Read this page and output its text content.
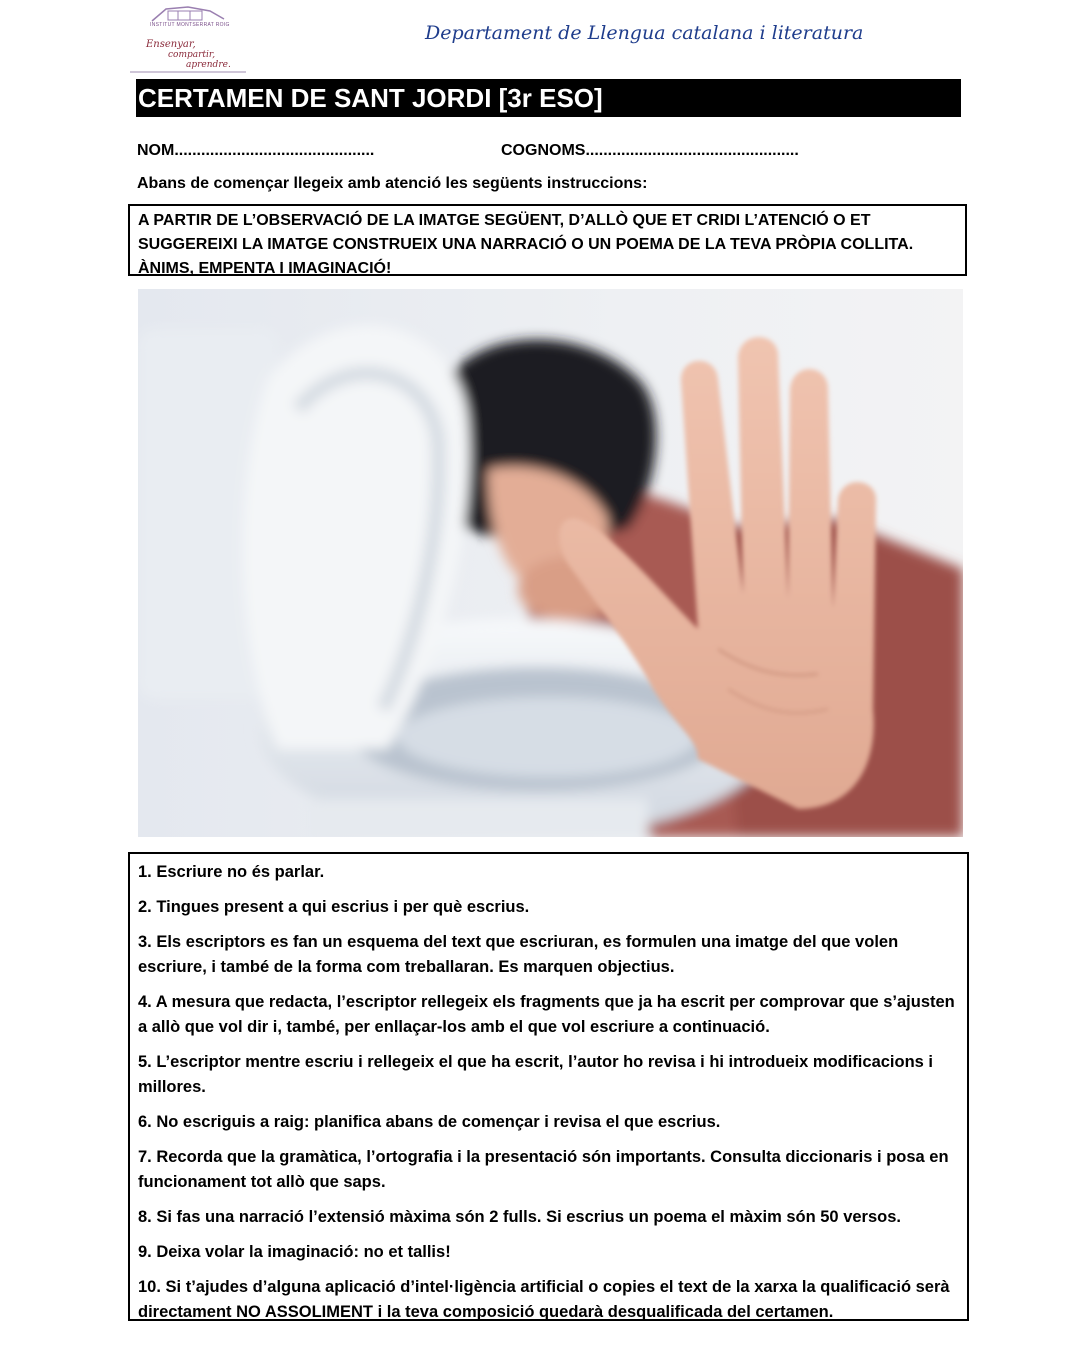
INSTITUT MONTSERRAT ROIG
Ensenyar,
compartir,
aprendre.
Departament de Llengua catalana i literatura
CERTAMEN DE SANT JORDI [3r ESO]
NOM.............................................	COGNOMS................................................
Abans de començar llegeix amb atenció les següents instruccions:

A PARTIR DE L’OBSERVACIÓ DE LA IMATGE SEGÜENT, D’ALLÒ QUE ET CRIDI L’ATENCIÓ O ET SUGGEREIXI LA IMATGE CONSTRUEIX UNA NARRACIÓ O UN POEMA DE LA TEVA PRÒPIA COLLITA. ÀNIMS, EMPENTA I IMAGINACIÓ!

1. Escriure no és parlar.
2. Tingues present a qui escrius i per què escrius.
3. Els escriptors es fan un esquema del text que escriuran, es formulen una imatge del que volen escriure, i també de la forma com treballaran. Es marquen objectius.
4. A mesura que redacta, l’escriptor rellegeix els fragments que ja ha escrit per comprovar que s’ajusten a allò que vol dir i, també, per enllaçar-los amb el que vol escriure a continuació.
5. L’escriptor mentre escriu i rellegeix el que ha escrit, l’autor ho revisa i hi introdueix modificacions i millores.
6. No escriguis a raig: planifica abans de començar i revisa el que escrius.
7. Recorda que la gramàtica, l’ortografia i la presentació són importants. Consulta diccionaris i posa en funcionament tot allò que saps.
8. Si fas una narració l’extensió màxima són 2 fulls. Si escrius un poema el màxim són 50 versos.
9. Deixa volar la imaginació: no et tallis!
10. Si t’ajudes d’alguna aplicació d’intel·ligència artificial o copies el text de la xarxa la qualificació serà directament NO ASSOLIMENT i la teva composició quedarà desqualificada del certamen.
